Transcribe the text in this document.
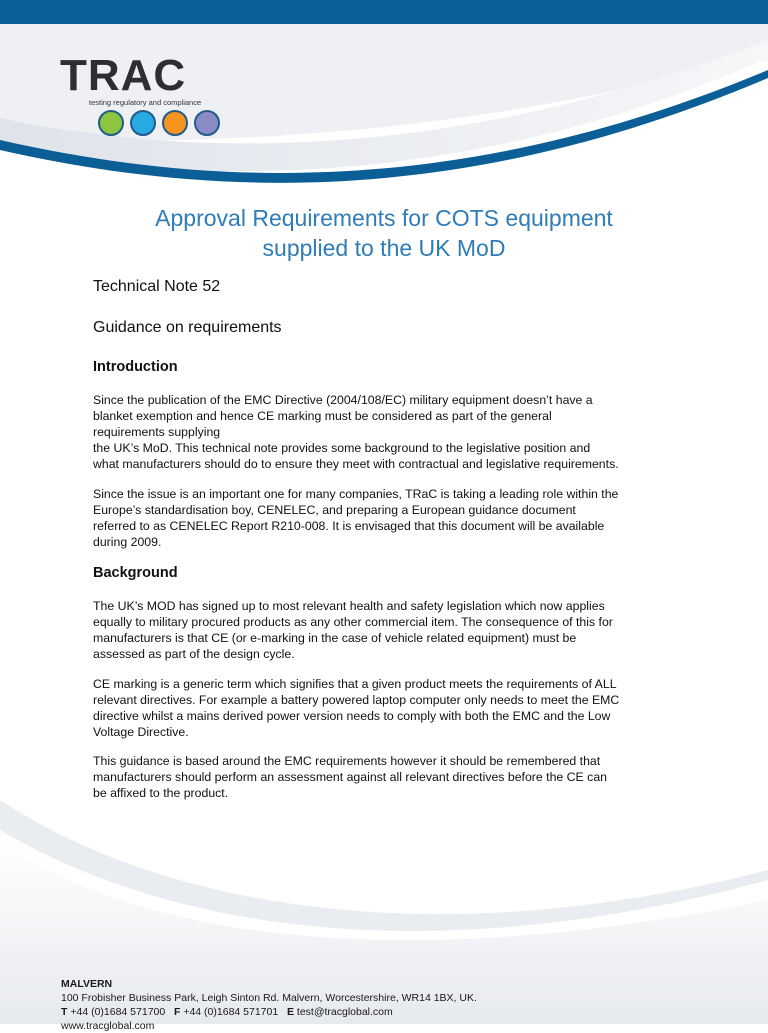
TRAC
testing regulatory and compliance
Approval Requirements for COTS equipment
supplied to the UK MoD
Technical Note 52
Guidance on requirements
Introduction
Since the publication of the EMC Directive (2004/108/EC) military equipment doesn’t have a
blanket exemption and hence CE marking must be considered as part of the general
requirements supplying
the UK’s MoD. This technical note provides some background to the legislative position and
what manufacturers should do to ensure they meet with contractual and legislative requirements.
Since the issue is an important one for many companies, TRaC is taking a leading role within the
Europe’s standardisation boy, CENELEC, and preparing a European guidance document
referred to as CENELEC Report R210-008. It is envisaged that this document will be available
during 2009.
Background
The UK’s MOD has signed up to most relevant health and safety legislation which now applies
equally to military procured products as any other commercial item. The consequence of this for
manufacturers is that CE (or e-marking in the case of vehicle related equipment) must be
assessed as part of the design cycle.
CE marking is a generic term which signifies that a given product meets the requirements of ALL
relevant directives. For example a battery powered laptop computer only needs to meet the EMC
directive whilst a mains derived power version needs to comply with both the EMC and the Low
Voltage Directive.
This guidance is based around the EMC requirements however it should be remembered that
manufacturers should perform an assessment against all relevant directives before the CE can
be affixed to the product.
MALVERN
100 Frobisher Business Park, Leigh Sinton Rd. Malvern, Worcestershire, WR14 1BX, UK.
T +44 (0)1684 571700 F +44 (0)1684 571701 E test@tracglobal.com
www.tracglobal.com
